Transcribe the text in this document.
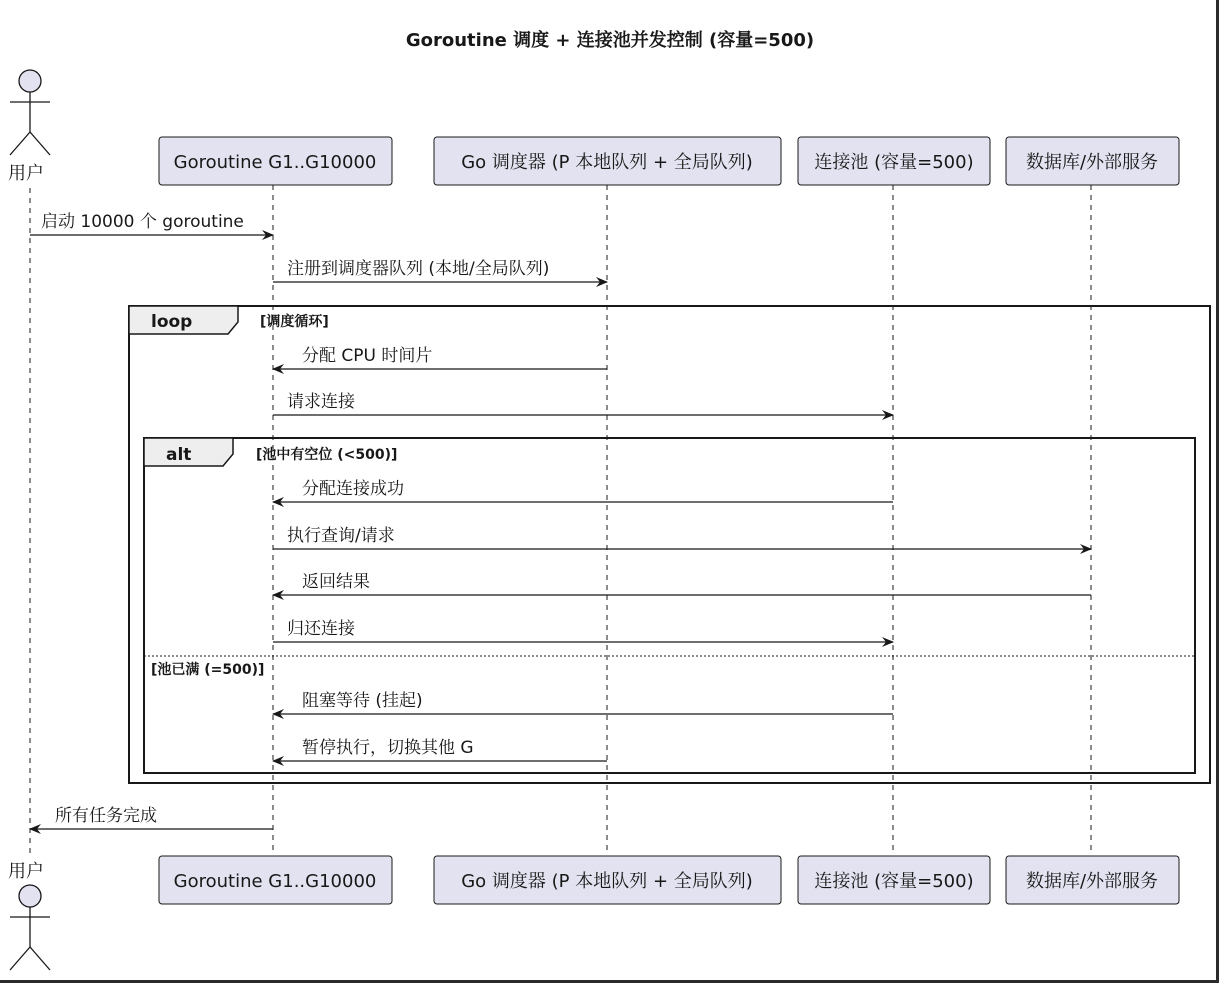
Goroutine 调度 + 连接池并发控制 (容量=500)
用户
Goroutine G1..G10000	Go 调度器 (P 本地队列 + 全局队列)	连接池 (容量=500)	数据库/外部服务
启动 10000 个 goroutine
注册到调度器队列 (本地/全局队列)
loop	[调度循环]
分配 CPU 时间片
请求连接
alt	[池中有空位 (<500)]
[池已满 (=500)]
分配连接成功
执行查询/请求
返回结果
归还连接
阻塞等待 (挂起)
暂停执行，切换其他 G
所有任务完成
用户	Goroutine G1..G10000	Go 调度器 (P 本地队列 + 全局队列)	连接池 (容量=500)	数据库/外部服务
